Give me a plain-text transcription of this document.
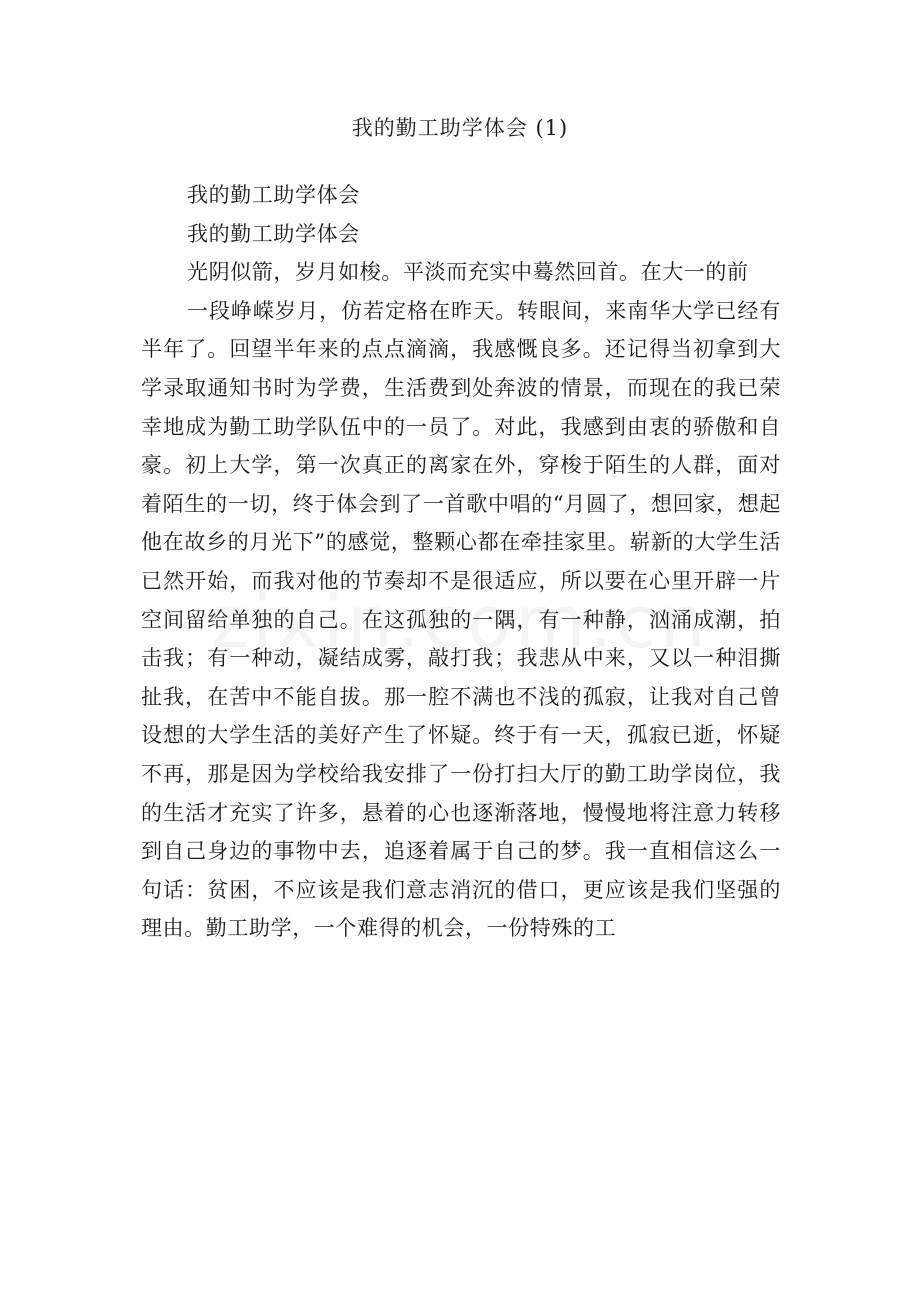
我的勤工助学体会 (1)

我的勤工助学体会

我的勤工助学体会

光阴似箭，岁月如梭。平淡而充实中蓦然回首。在大一的前

一段峥嵘岁月，仿若定格在昨天。转眼间，来南华大学已经有半年了。回望半年来的点点滴滴，我感慨良多。还记得当初拿到大学录取通知书时为学费，生活费到处奔波的情景，而现在的我已荣幸地成为勤工助学队伍中的一员了。对此，我感到由衷的骄傲和自豪。初上大学，第一次真正的离家在外，穿梭于陌生的人群，面对着陌生的一切，终于体会到了一首歌中唱的“月圆了，想回家，想起他在故乡的月光下”的感觉，整颗心都在牵挂家里。崭新的大学生活已然开始，而我对他的节奏却不是很适应，所以要在心里开辟一片空间留给单独的自己。在这孤独的一隅，有一种静，汹涌成潮，拍击我；有一种动，凝结成雾，敲打我；我悲从中来，又以一种泪撕扯我，在苦中不能自拔。那一腔不满也不浅的孤寂，让我对自己曾设想的大学生活的美好产生了怀疑。终于有一天，孤寂已逝，怀疑不再，那是因为学校给我安排了一份打扫大厅的勤工助学岗位，我的生活才充实了许多，悬着的心也逐渐落地，慢慢地将注意力转移到自己身边的事物中去，追逐着属于自己的梦。我一直相信这么一句话：贫困，不应该是我们意志消沉的借口，更应该是我们坚强的理由。勤工助学，一个难得的机会，一份特殊的工
